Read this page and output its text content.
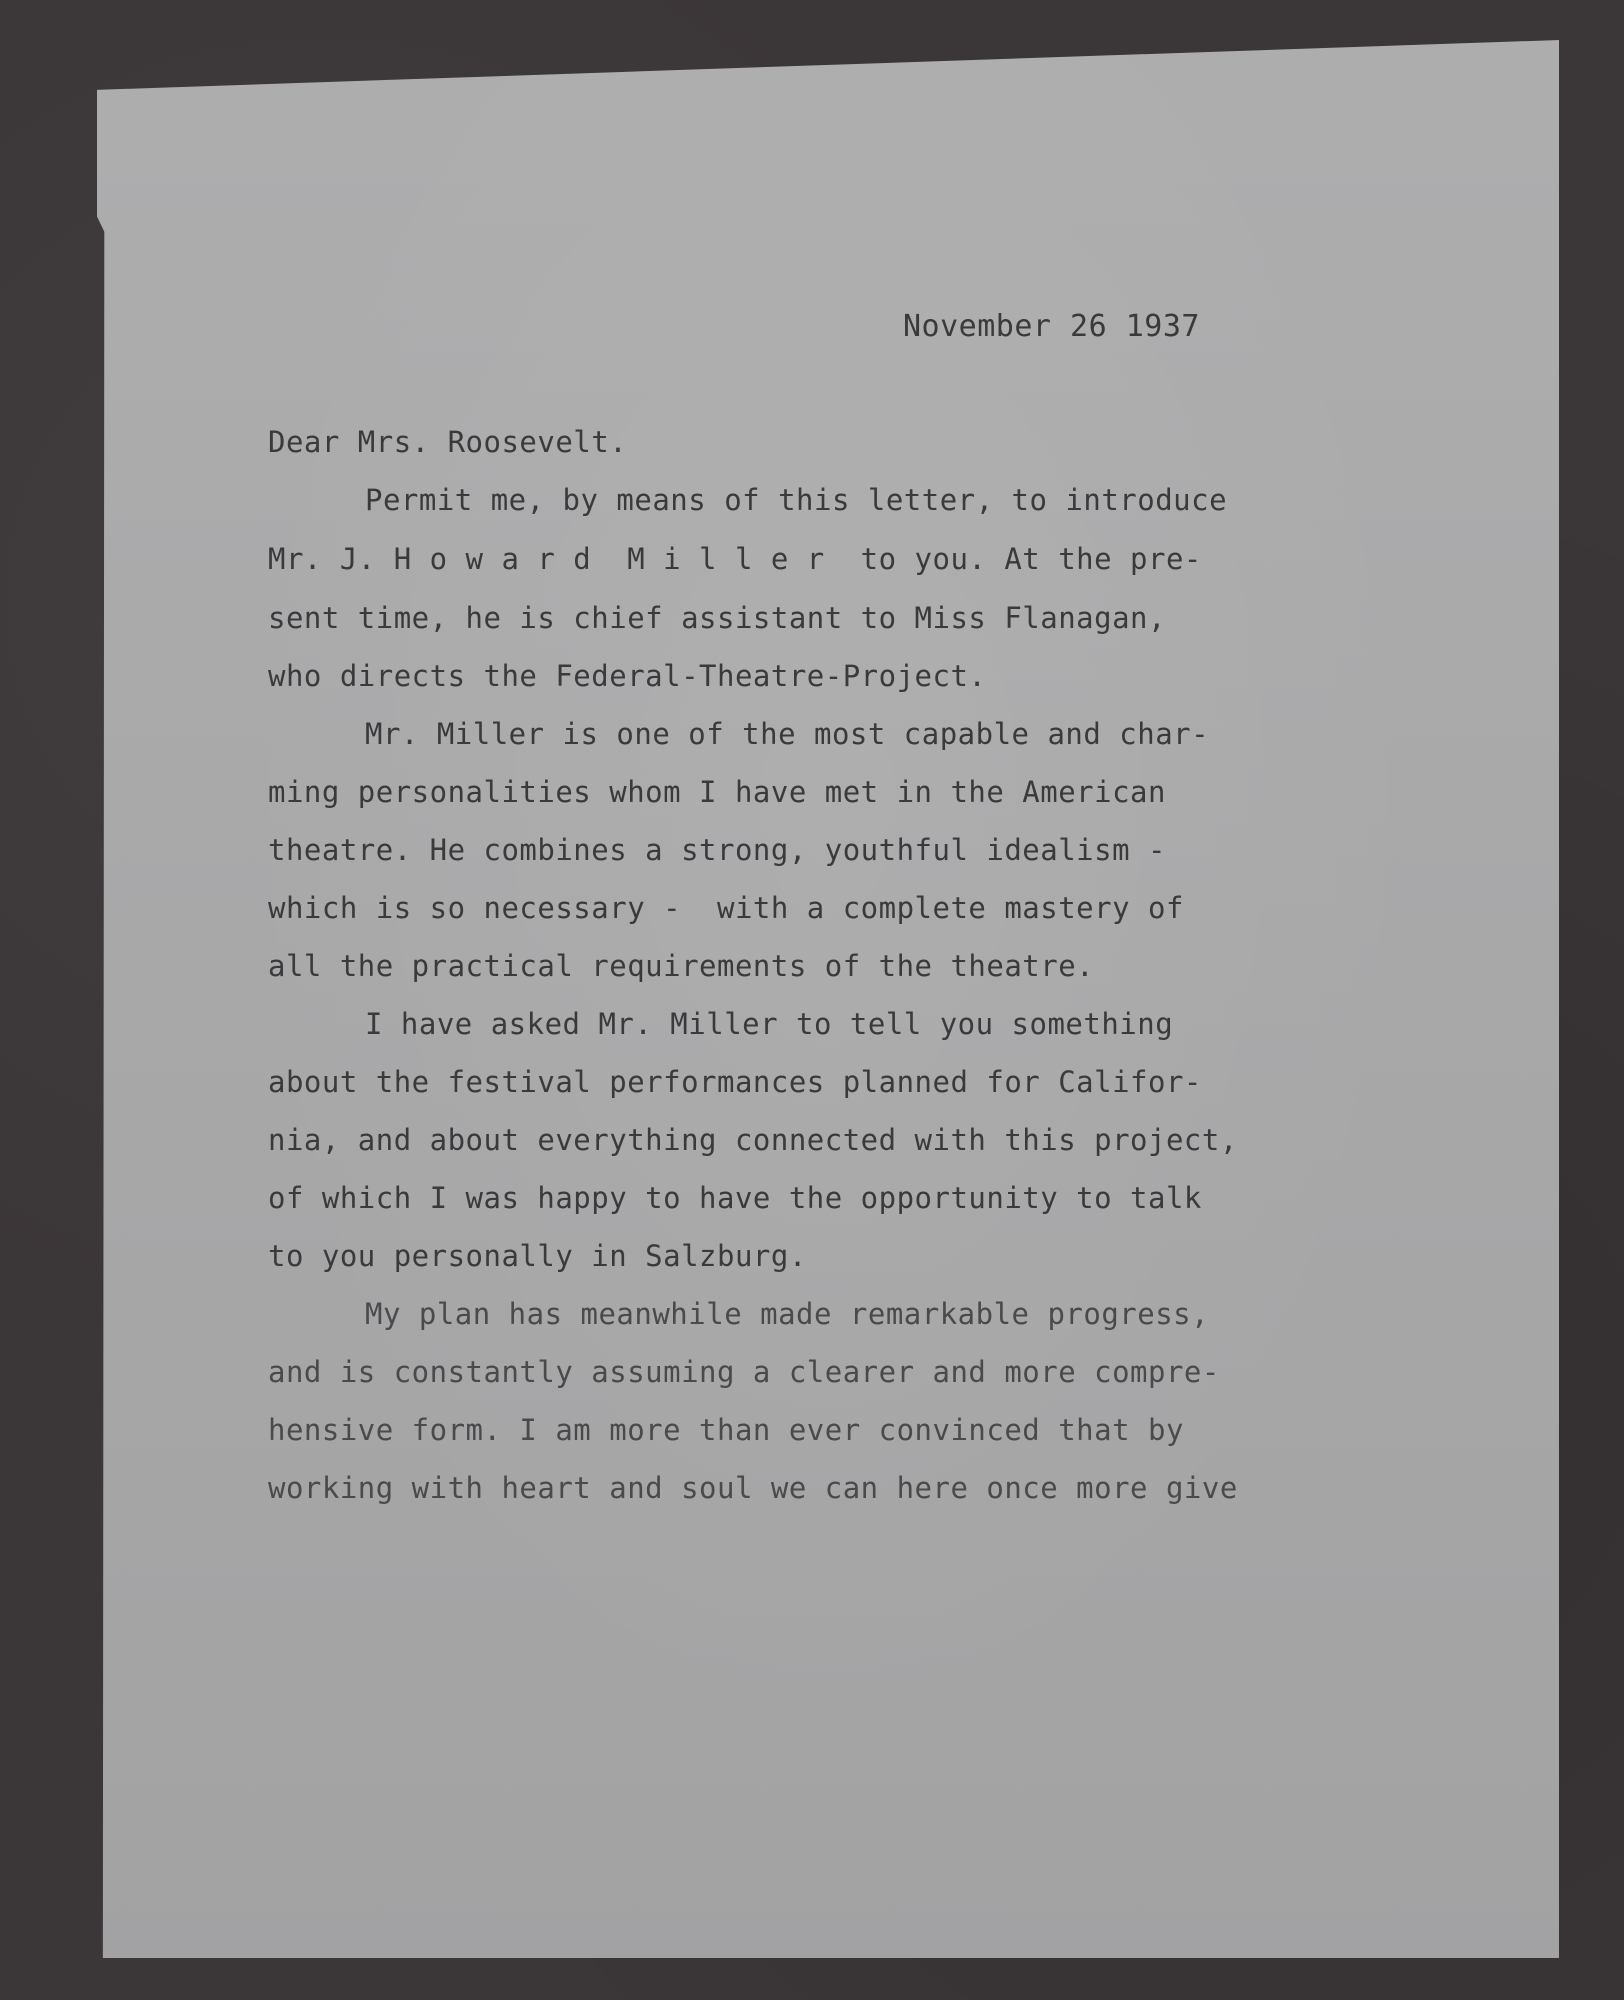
November 26 1937
Dear Mrs. Roosevelt.
Permit me, by means of this letter, to introduce
Mr. J. H o w a r d  M i l l e r  to you. At the pre-
sent time, he is chief assistant to Miss Flanagan,
who directs the Federal-Theatre-Project.
Mr. Miller is one of the most capable and char-
ming personalities whom I have met in the American
theatre. He combines a strong, youthful idealism -
which is so necessary -  with a complete mastery of
all the practical requirements of the theatre.
I have asked Mr. Miller to tell you something
about the festival performances planned for Califor-
nia, and about everything connected with this project,
of which I was happy to have the opportunity to talk
to you personally in Salzburg.
My plan has meanwhile made remarkable progress,
and is constantly assuming a clearer and more compre-
hensive form. I am more than ever convinced that by
working with heart and soul we can here once more give
